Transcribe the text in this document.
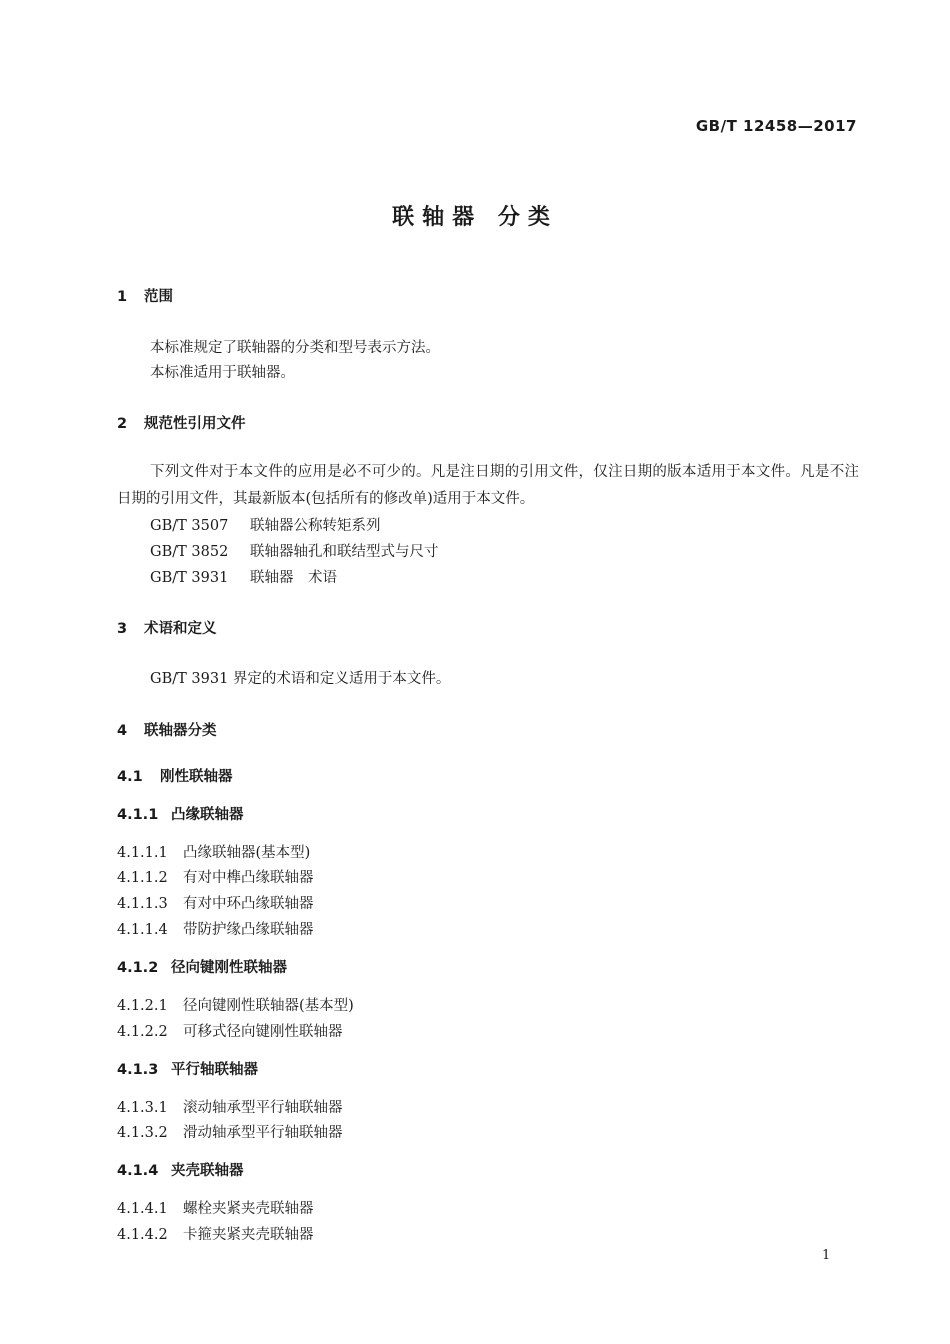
GB/T 12458—2017
联轴器 分类
1 范围
本标准规定了联轴器的分类和型号表示方法。
本标准适用于联轴器。
2 规范性引用文件
下列文件对于本文件的应用是必不可少的。凡是注日期的引用文件，仅注日期的版本适用于本文件。凡是不注日期的引用文件，其最新版本(包括所有的修改单)适用于本文件。
GB/T 3507 联轴器公称转矩系列
GB/T 3852 联轴器轴孔和联结型式与尺寸
GB/T 3931 联轴器　术语
3 术语和定义
GB/T 3931 界定的术语和定义适用于本文件。
4 联轴器分类
4.1 刚性联轴器
4.1.1 凸缘联轴器
4.1.1.1 凸缘联轴器(基本型)
4.1.1.2 有对中榫凸缘联轴器
4.1.1.3 有对中环凸缘联轴器
4.1.1.4 带防护缘凸缘联轴器
4.1.2 径向键刚性联轴器
4.1.2.1 径向键刚性联轴器(基本型)
4.1.2.2 可移式径向键刚性联轴器
4.1.3 平行轴联轴器
4.1.3.1 滚动轴承型平行轴联轴器
4.1.3.2 滑动轴承型平行轴联轴器
4.1.4 夹壳联轴器
4.1.4.1 螺栓夹紧夹壳联轴器
4.1.4.2 卡箍夹紧夹壳联轴器
1
